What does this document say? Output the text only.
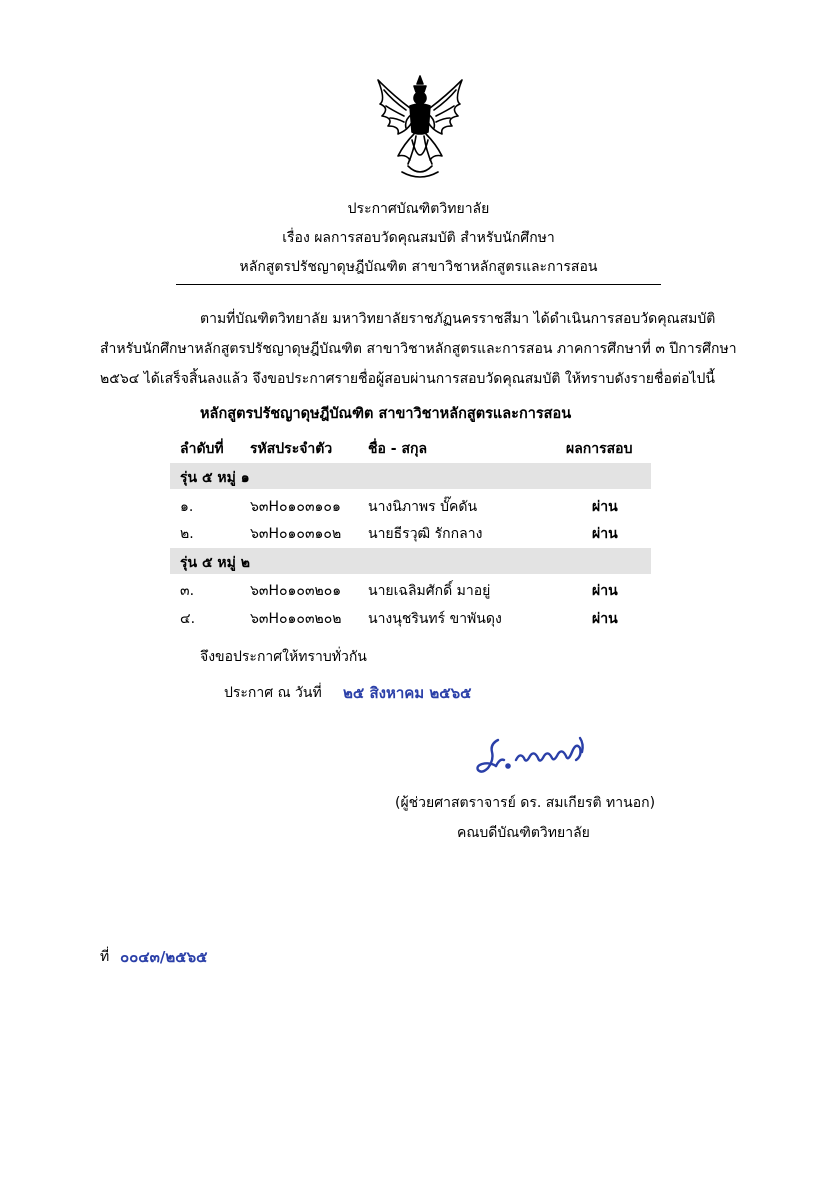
ประกาศบัณฑิตวิทยาลัย
เรื่อง ผลการสอบวัดคุณสมบัติ สำหรับนักศึกษา
หลักสูตรปรัชญาดุษฎีบัณฑิต สาขาวิชาหลักสูตรและการสอน
ตามที่บัณฑิตวิทยาลัย มหาวิทยาลัยราชภัฏนครราชสีมา ได้ดำเนินการสอบวัดคุณสมบัติ
สำหรับนักศึกษาหลักสูตรปรัชญาดุษฎีบัณฑิต สาขาวิชาหลักสูตรและการสอน ภาคการศึกษาที่ ๓ ปีการศึกษา
๒๕๖๔ ได้เสร็จสิ้นลงแล้ว จึงขอประกาศรายชื่อผู้สอบผ่านการสอบวัดคุณสมบัติ ให้ทราบดังรายชื่อต่อไปนี้
หลักสูตรปรัชญาดุษฎีบัณฑิต สาขาวิชาหลักสูตรและการสอน
ลำดับที่ รหัสประจำตัว	ชื่อ - สกุล	ผลการสอบ
รุ่น ๕ หมู่ ๑
๑.	๖๓H๐๑๐๓๑๐๑ นางนิภาพร บั๊คดัน	ผ่าน
๒.	๖๓H๐๑๐๓๑๐๒ นายธีรวุฒิ รักกลาง	ผ่าน
รุ่น ๕ หมู่ ๒
๓.	๖๓H๐๑๐๓๒๐๑ นายเฉลิมศักดิ์ มาอยู่	ผ่าน
๔.	๖๓H๐๑๐๓๒๐๒ นางนุชรินทร์ ขาพันดุง	ผ่าน
จึงขอประกาศให้ทราบทั่วกัน
ประกาศ ณ วันที่ ๒๕ สิงหาคม ๒๕๖๕
(ผู้ช่วยศาสตราจารย์ ดร. สมเกียรติ ทานอก)
คณบดีบัณฑิตวิทยาลัย
ที่ ๐๐๔๓/๒๕๖๕
